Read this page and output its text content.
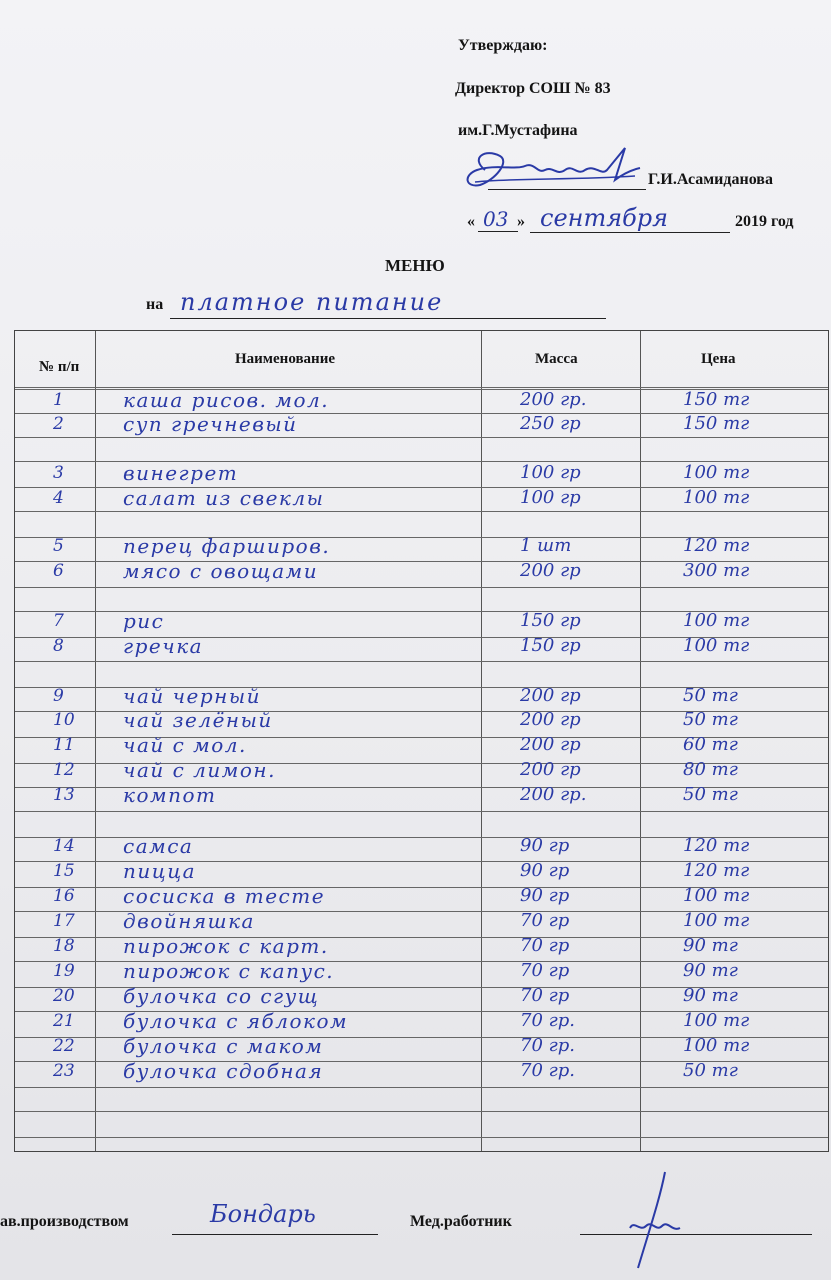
Утверждаю:
Директор СОШ № 83
им.Г.Мустафина
Г.И.Асамиданова
« 03 » сентября	2019 год
МЕНЮ
на платное питание
№ п/п	Наименование	Масса	Цена
1	каша рисов. мол.	200 гр.	150 тг
2	суп гречневый	250 гр	150 тг
3	винегрет	100 гр	100 тг
4	салат из свеклы	100 гр	100 тг
5	перец фарширов.	1 шт	120 тг
6	мясо с овощами	200 гр	300 тг
7	рис	150 гр	100 тг
8	гречка	150 гр	100 тг
9	чай черный	200 гр	50 тг
10 чай зелёный	200 гр	50 тг
11 чай с мол.	200 гр	60 тг
12 чай с лимон.	200 гр	80 тг
13 компот	200 гр.	50 тг
14 самса	90 гр	120 тг
15 пицца	90 гр	120 тг
16 сосиска в тесте	90 гр	100 тг
17 двойняшка	70 гр	100 тг
18 пирожок с карт.	70 гр	90 тг
19 пирожок с капус.	70 гр	90 тг
20 булочка со сгущ	70 гр	90 тг
21 булочка с яблоком	70 гр.	100 тг
22 булочка с маком	70 гр.	100 тг
23 булочка сдобная	70 гр.	50 тг
ав.производством	Бондарь	Мед.работник
